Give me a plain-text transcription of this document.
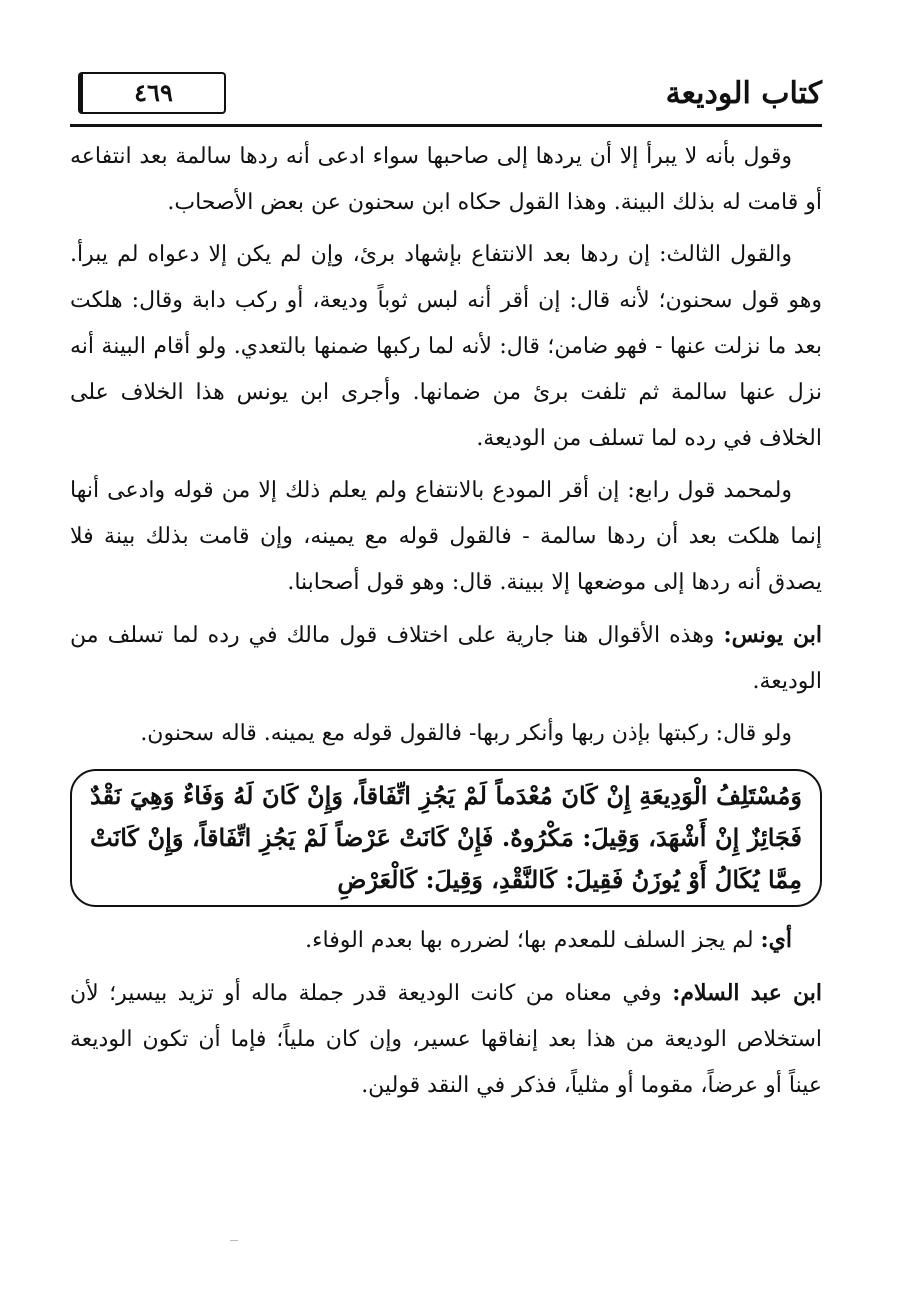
كتاب الوديعة
٤٦٩

وقول بأنه لا يبرأ إلا أن يردها إلى صاحبها سواء ادعى أنه ردها سالمة بعد انتفاعه أو قامت له بذلك البينة. وهذا القول حكاه ابن سحنون عن بعض الأصحاب.

والقول الثالث: إن ردها بعد الانتفاع بإشهاد برئ، وإن لم يكن إلا دعواه لم يبرأ. وهو قول سحنون؛ لأنه قال: إن أقر أنه لبس ثوباً وديعة، أو ركب دابة وقال: هلكت بعد ما نزلت عنها - فهو ضامن؛ قال: لأنه لما ركبها ضمنها بالتعدي. ولو أقام البينة أنه نزل عنها سالمة ثم تلفت برئ من ضمانها. وأجرى ابن يونس هذا الخلاف على الخلاف في رده لما تسلف من الوديعة.

ولمحمد قول رابع: إن أقر المودع بالانتفاع ولم يعلم ذلك إلا من قوله وادعى أنها إنما هلكت بعد أن ردها سالمة - فالقول قوله مع يمينه، وإن قامت بذلك بينة فلا يصدق أنه ردها إلى موضعها إلا ببينة. قال: وهو قول أصحابنا.

ابن يونس: وهذه الأقوال هنا جارية على اختلاف قول مالك في رده لما تسلف من الوديعة.

ولو قال: ركبتها بإذن ربها وأنكر ربها- فالقول قوله مع يمينه. قاله سحنون.

وَمُسْتَلِفُ الْوَدِيعَةِ إِنْ كَانَ مُعْدَماً لَمْ يَجُزِ اتِّفَاقاً، وَإِنْ كَانَ لَهُ وَفَاءٌ وَهِيَ نَقْدٌ فَجَائِزٌ إِنْ أَشْهَدَ، وَقِيلَ: مَكْرُوهٌ. فَإِنْ كَانَتْ عَرْضاً لَمْ يَجُزِ اتِّفَاقاً، وَإِنْ كَانَتْ مِمَّا يُكَالُ أَوْ يُوزَنُ فَقِيلَ: كَالنَّقْدِ، وَقِيلَ: كَالْعَرْضِ

أي: لم يجز السلف للمعدم بها؛ لضرره بها بعدم الوفاء.

ابن عبد السلام: وفي معناه من كانت الوديعة قدر جملة ماله أو تزيد بيسير؛ لأن استخلاص الوديعة من هذا بعد إنفاقها عسير، وإن كان ملياً؛ فإما أن تكون الوديعة عيناً أو عرضاً، مقوما أو مثلياً، فذكر في النقد قولين.
